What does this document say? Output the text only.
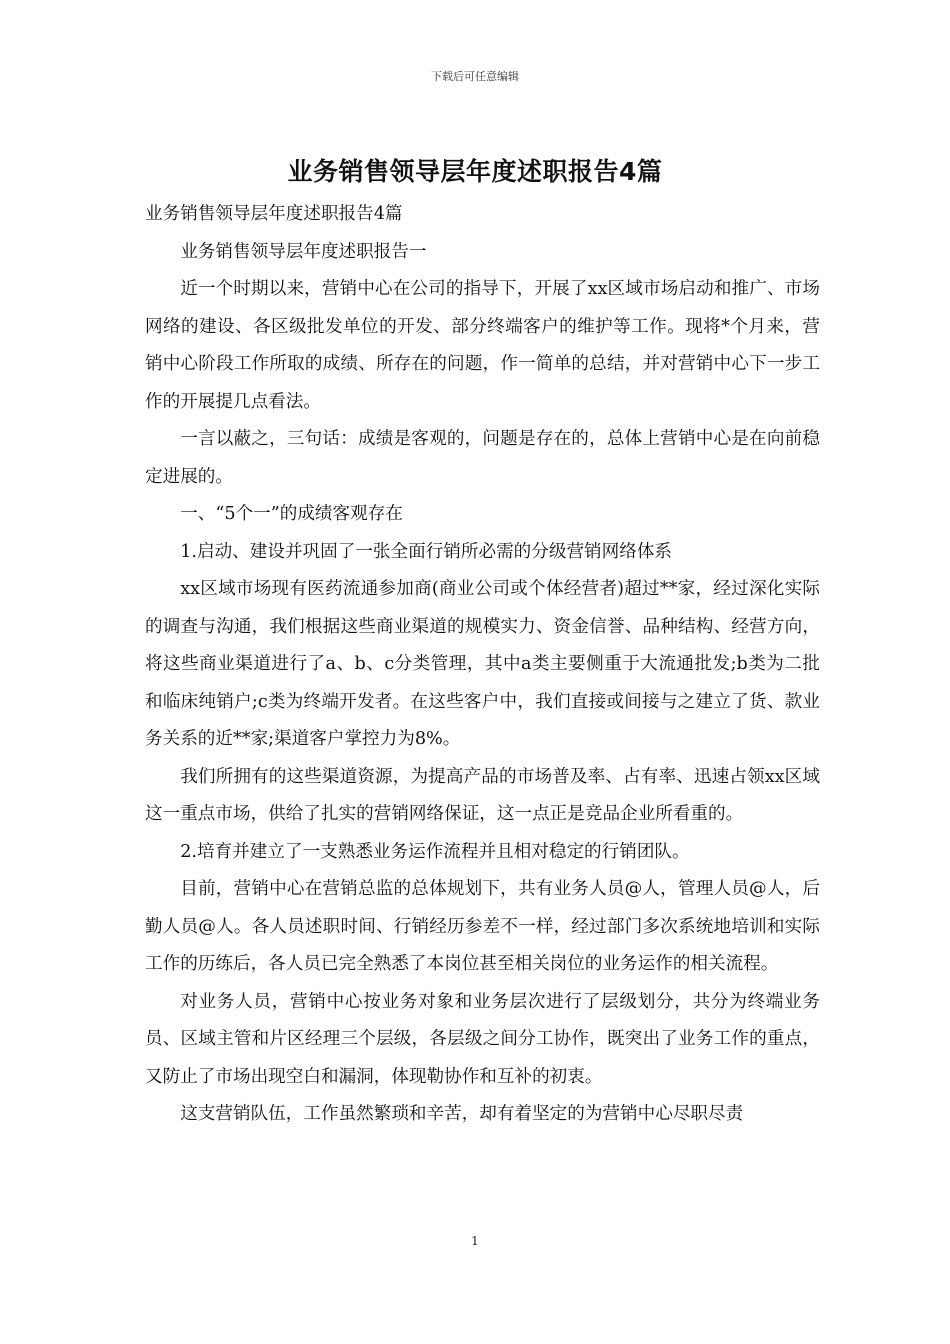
下载后可任意编辑
业务销售领导层年度述职报告4篇

业务销售领导层年度述职报告4篇

业务销售领导层年度述职报告一

近一个时期以来，营销中心在公司的指导下，开展了xx区域市场启动和推广、市场网络的建设、各区级批发单位的开发、部分终端客户的维护等工作。现将*个月来，营销中心阶段工作所取的成绩、所存在的问题，作一简单的总结，并对营销中心下一步工作的开展提几点看法。

一言以蔽之，三句话：成绩是客观的，问题是存在的，总体上营销中心是在向前稳定进展的。

一、“5个一”的成绩客观存在

1.启动、建设并巩固了一张全面行销所必需的分级营销网络体系

xx区域市场现有医药流通参加商(商业公司或个体经营者)超过**家，经过深化实际的调查与沟通，我们根据这些商业渠道的规模实力、资金信誉、品种结构、经营方向，将这些商业渠道进行了a、b、c分类管理，其中a类主要侧重于大流通批发;b类为二批和临床纯销户;c类为终端开发者。在这些客户中，我们直接或间接与之建立了货、款业务关系的近**家;渠道客户掌控力为8%。

我们所拥有的这些渠道资源，为提高产品的市场普及率、占有率、迅速占领xx区域这一重点市场，供给了扎实的营销网络保证，这一点正是竞品企业所看重的。

2.培育并建立了一支熟悉业务运作流程并且相对稳定的行销团队。

目前，营销中心在营销总监的总体规划下，共有业务人员@人，管理人员@人，后勤人员@人。各人员述职时间、行销经历参差不一样，经过部门多次系统地培训和实际工作的历练后，各人员已完全熟悉了本岗位甚至相关岗位的业务运作的相关流程。

对业务人员，营销中心按业务对象和业务层次进行了层级划分，共分为终端业务员、区域主管和片区经理三个层级，各层级之间分工协作，既突出了业务工作的重点，又防止了市场出现空白和漏洞，体现勒协作和互补的初衷。

这支营销队伍，工作虽然繁琐和辛苦，却有着坚定的为营销中心尽职尽责

1
